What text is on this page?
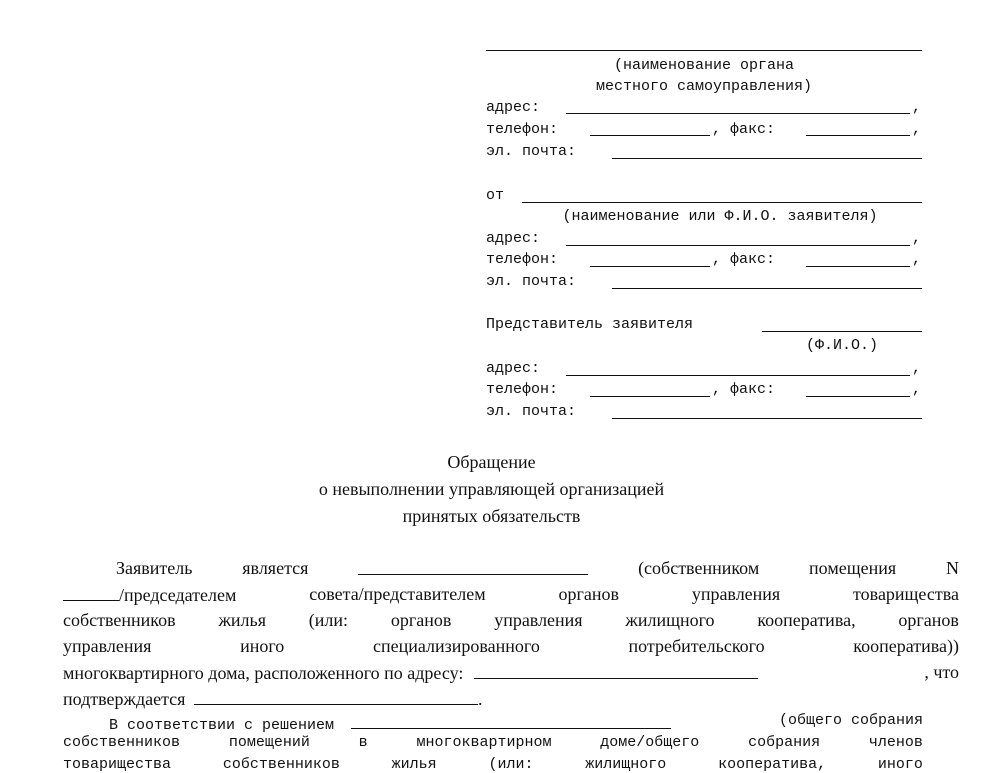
(наименование органа
местного самоуправления)
адрес:	,
телефон:	, факс:	,
эл. почта:
от
(наименование или Ф.И.О. заявителя)
адрес:	,
телефон:	, факс:	,
эл. почта:
Представитель заявителя
(Ф.И.О.)
адрес:	,
телефон:	, факс:	,
эл. почта:
Обращение
о невыполнении управляющей организацией
принятых обязательств
Заявитель	является	(собственником	помещения	N
/председателем	совета/представителем	органов	управления	товарищества
собственников жилья (или: органов управления жилищного кооператива, органов
управления	иного	специализированного	потребительского	кооператива))
многоквартирного дома, расположенного по адресу:	, что
подтверждается	.
В соответствии с решением	(общего собрания
собственников	помещений	в	многоквартирном	доме/общего	собрания	членов
товарищества	собственников	жилья	(или:	жилищного	кооператива,	иного
